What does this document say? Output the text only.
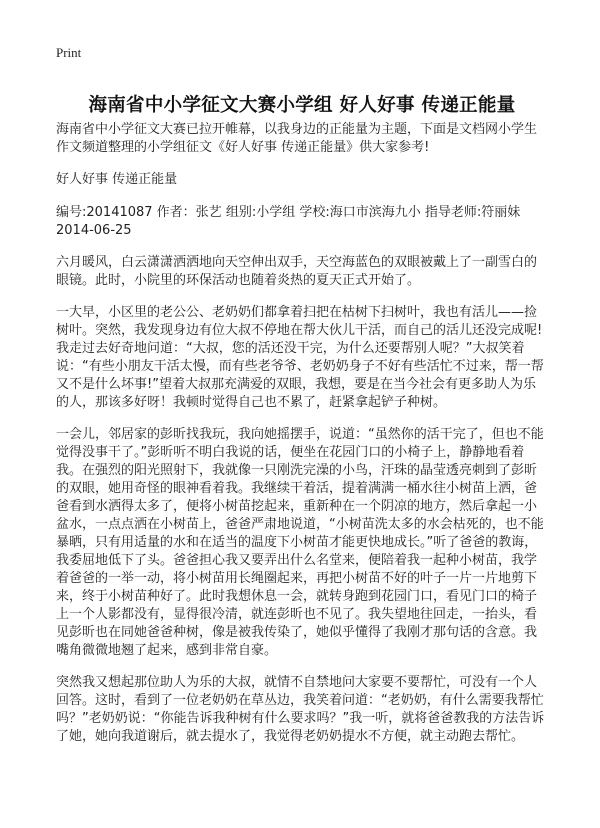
Print
海南省中小学征文大赛小学组 好人好事 传递正能量

海南省中小学征文大赛已拉开帷幕，以我身边的正能量为主题，下面是文档网小学生作文频道整理的小学组征文《好人好事 传递正能量》供大家参考!

好人好事 传递正能量

编号:20141087 作者：张艺 组别:小学组 学校:海口市滨海九小 指导老师:符丽妹
2014-06-25

六月暖风，白云潇潇洒洒地向天空伸出双手，天空海蓝色的双眼被戴上了一副雪白的眼镜。此时，小院里的环保活动也随着炎热的夏天正式开始了。

一大早，小区里的老公公、老奶奶们都拿着扫把在枯树下扫树叶，我也有活儿——捡树叶。突然，我发现身边有位大叔不停地在帮大伙儿干活，而自己的活儿还没完成呢!我走过去好奇地问道：“大叔，您的活还没干完，为什么还要帮别人呢？”大叔笑着说：“有些小朋友干活太慢，而有些老爷爷、老奶奶身子不好有些活忙不过来，帮一帮又不是什么坏事!”望着大叔那充满爱的双眼，我想，要是在当今社会有更多助人为乐的人，那该多好呀！我顿时觉得自己也不累了，赶紧拿起铲子种树。

一会儿，邻居家的彭昕找我玩，我向她摇摆手，说道：“虽然你的活干完了，但也不能觉得没事干了。”彭昕听不明白我说的话，便坐在花园门口的小椅子上，静静地看着我。在强烈的阳光照射下，我就像一只刚洗完澡的小鸟，汗珠的晶莹透亮刺到了彭昕的双眼，她用奇怪的眼神看着我。我继续干着活，提着满满一桶水往小树苗上洒，爸爸看到水洒得太多了，便将小树苗挖起来，重新种在一个阴凉的地方，然后拿起一小盆水，一点点洒在小树苗上，爸爸严肃地说道，“小树苗洗太多的水会枯死的，也不能暴晒，只有用适量的水和在适当的温度下小树苗才能更快地成长。”听了爸爸的教诲，我委屈地低下了头。爸爸担心我又要弄出什么名堂来，便陪着我一起种小树苗，我学着爸爸的一举一动，将小树苗用长绳圈起来，再把小树苗不好的叶子一片一片地剪下来，终于小树苗种好了。此时我想休息一会，就转身跑到花园门口，看见门口的椅子上一个人影都没有，显得很冷清，就连彭昕也不见了。我失望地往回走，一抬头，看见彭昕也在同她爸爸种树，像是被我传染了，她似乎懂得了我刚才那句话的含意。我嘴角微微地翘了起来，感到非常自豪。

突然我又想起那位助人为乐的大叔，就情不自禁地问大家要不要帮忙，可没有一个人回答。这时，看到了一位老奶奶在草丛边，我笑着问道：“老奶奶，有什么需要我帮忙吗？”老奶奶说：“你能告诉我种树有什么要求吗？”我一听，就将爸爸教我的方法告诉了她，她向我道谢后，就去提水了，我觉得老奶奶提水不方便，就主动跑去帮忙。
